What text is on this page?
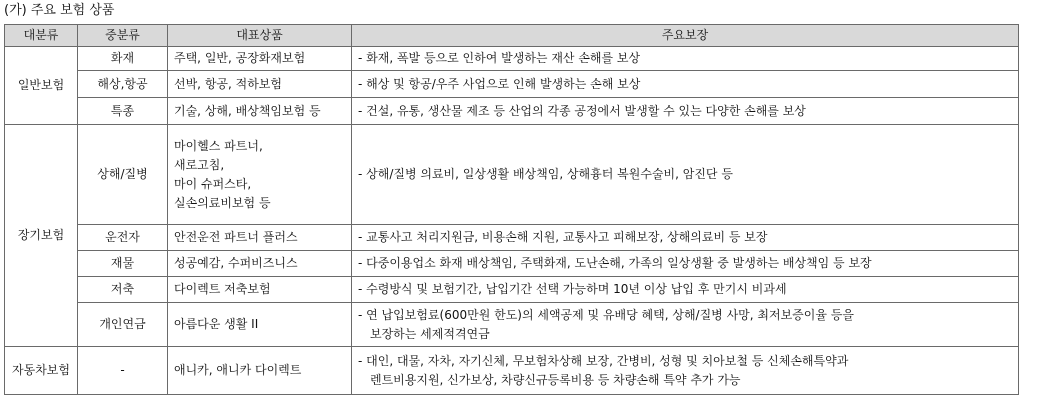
(가) 주요 보험 상품
대분류	중분류	대표상품	주요보장
일반보험	화재	주택, 일반, 공장화재보험	- 화재, 폭발 등으로 인하여 발생하는 재산 손해를 보상

	해상,항공	선박, 항공, 적하보험	- 해상 및 항공/우주 사업으로 인해 발생하는 손해 보상

	특종	기술, 상해, 배상책임보험 등	- 건설, 유통, 생산물 제조 등 산업의 각종 공정에서 발생할 수 있는 다양한 손해를 보상

장기보험	상해/질병	마이헬스 파트너,
새로고침,
마이 슈퍼스타,
실손의료비보험 등	- 상해/질병 의료비, 일상생활 배상책임, 상해흉터 복원수술비, 암진단 등

	운전자	안전운전 파트너 플러스	- 교통사고 처리지원금, 비용손해 지원, 교통사고 피해보장, 상해의료비 등 보장

	재물	성공예감, 수퍼비즈니스	- 다중이용업소 화재 배상책임, 주택화재, 도난손해, 가족의 일상생활 중 발생하는 배상책임 등 보장

	저축	다이렉트 저축보험	- 수령방식 및 보험기간, 납입기간 선택 가능하며 10년 이상 납입 후 만기시 비과세

	개인연금	아름다운 생활 II	- 연 납입보험료(600만원 한도)의 세액공제 및 유배당 혜택, 상해/질병 사망, 최저보증이율 등을
보장하는 세제적격연금

자동차보험	-	애니카, 애니카 다이렉트	- 대인, 대물, 자차, 자기신체, 무보험차상해 보장, 간병비, 성형 및 치아보철 등 신체손해특약과
렌트비용지원, 신가보상, 차량신규등록비용 등 차량손해 특약 추가 가능
